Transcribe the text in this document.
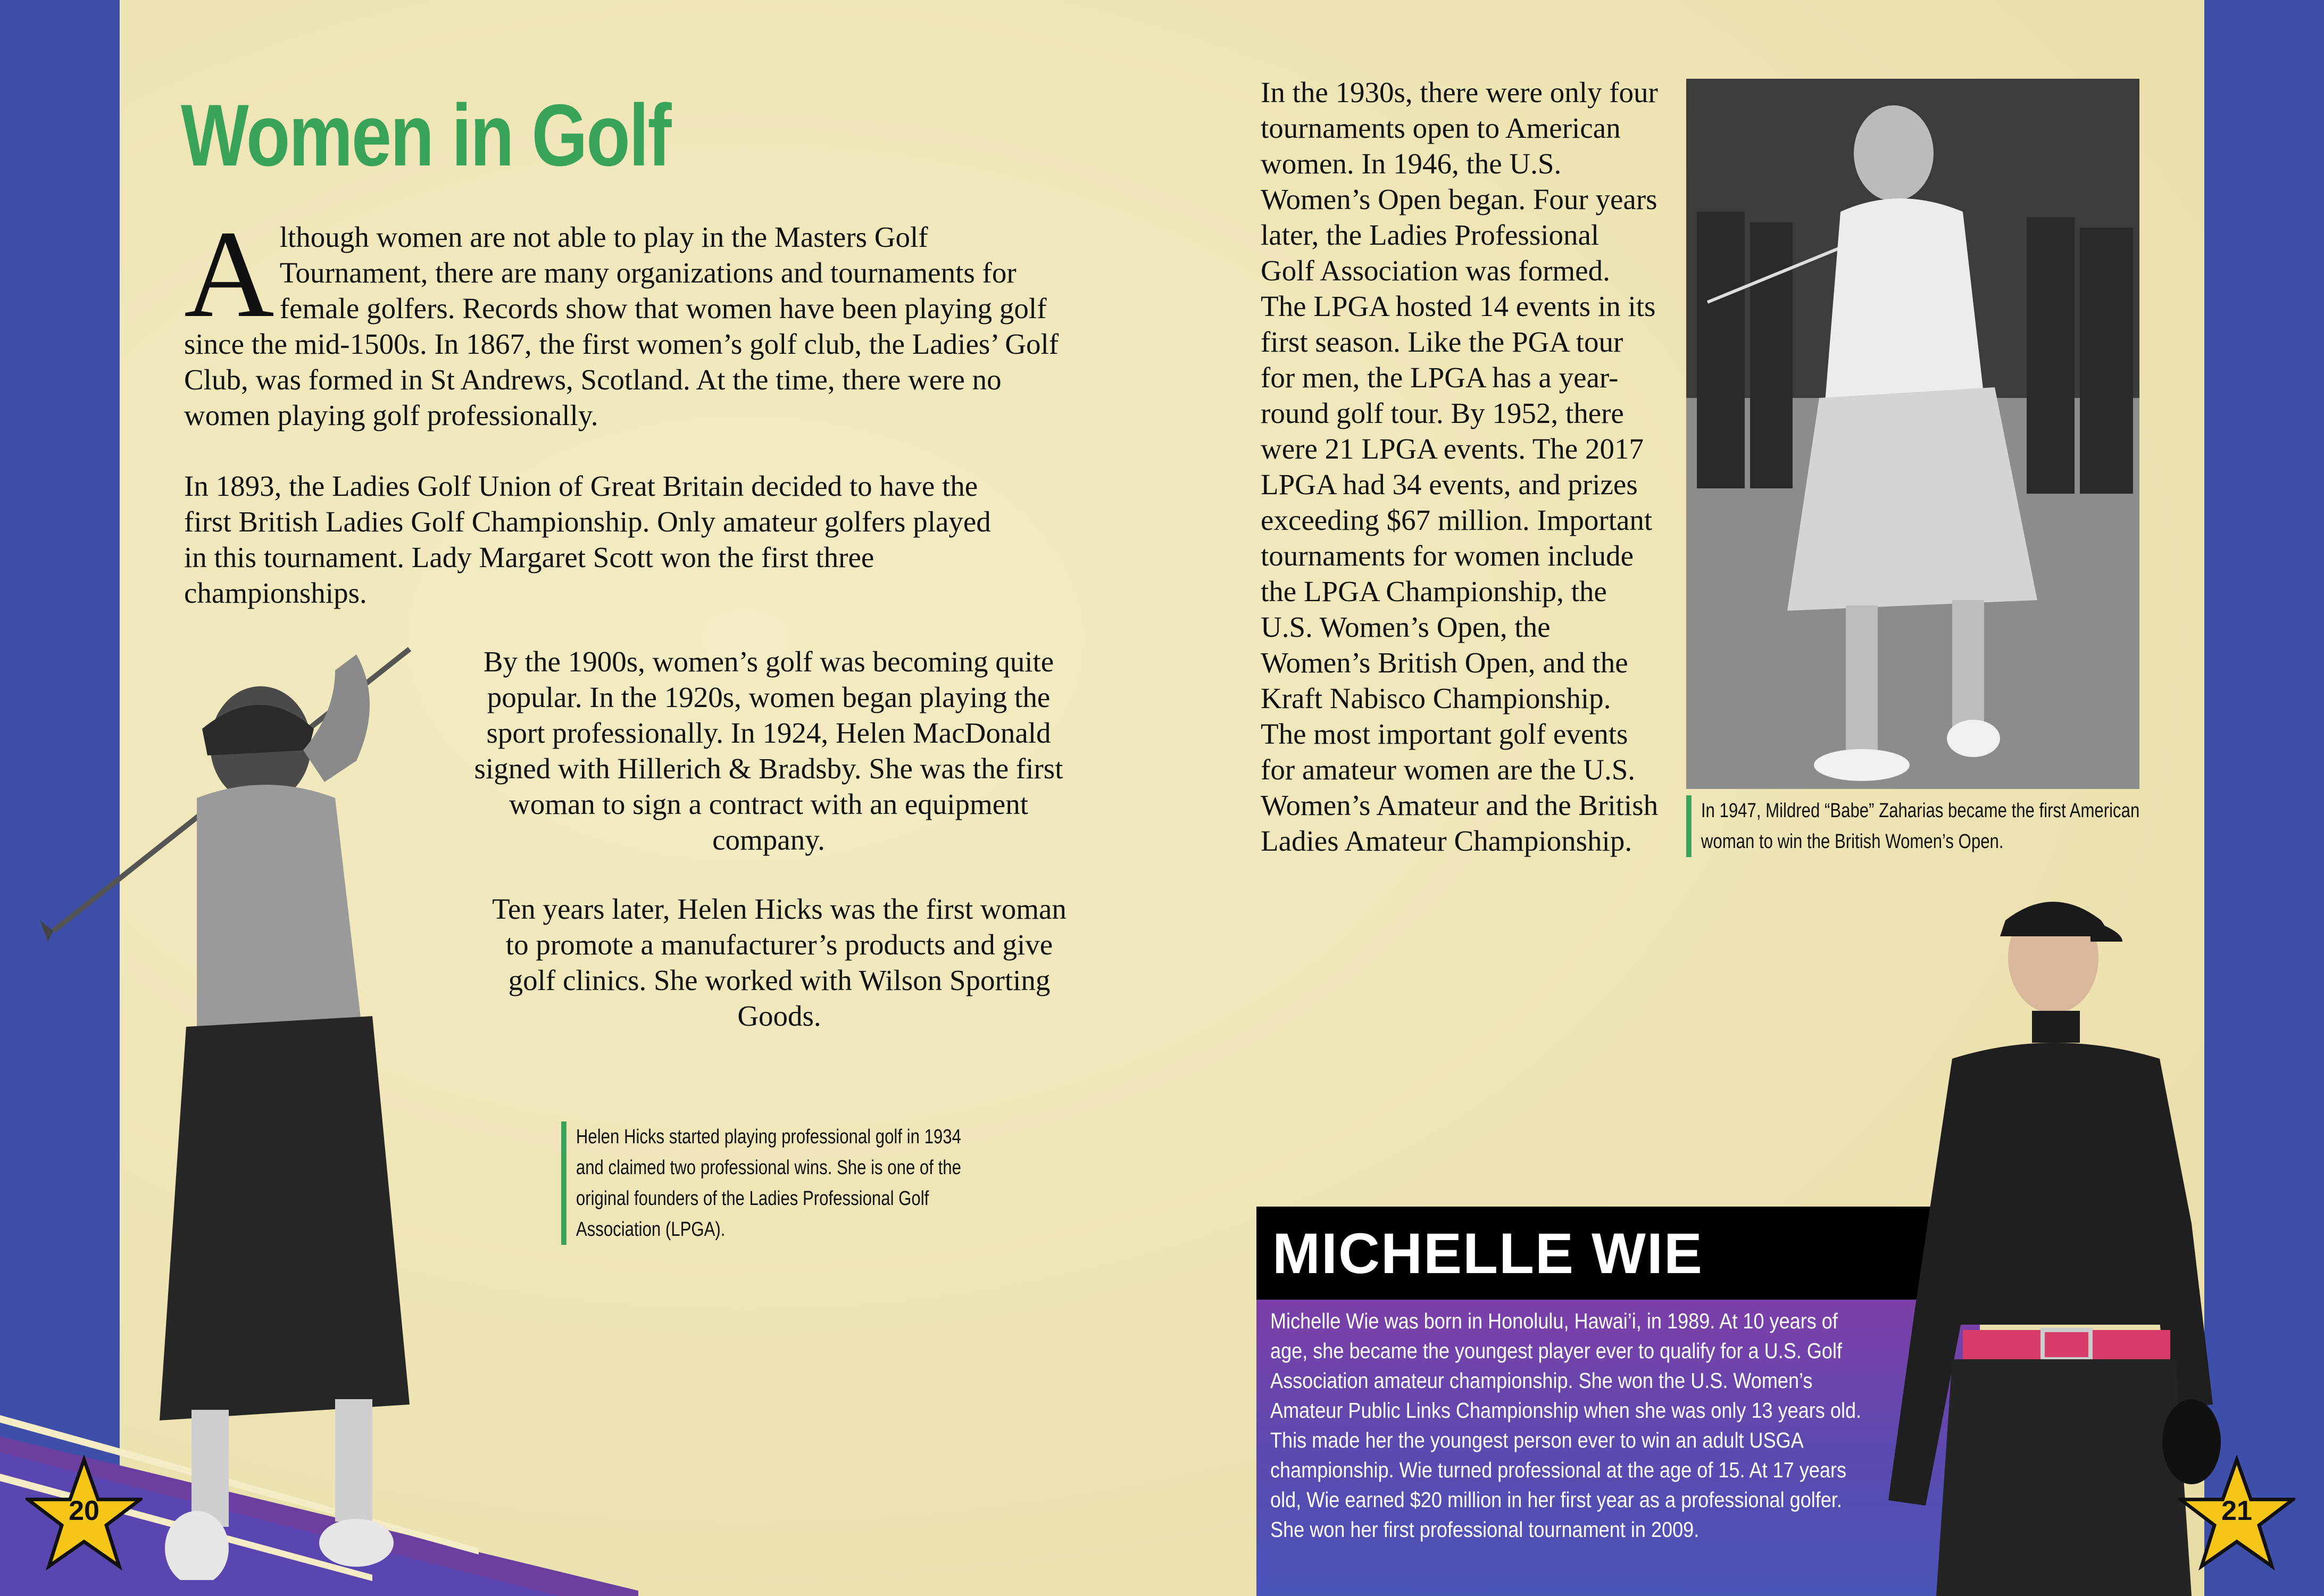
Women in Golf

Although women are not able to play in the Masters Golf Tournament, there are many organizations and tournaments for female golfers. Records show that women have been playing golf since the mid-1500s. In 1867, the first women’s golf club, the Ladies’ Golf Club, was formed in St Andrews, Scotland. At the time, there were no women playing golf professionally.

In 1893, the Ladies Golf Union of Great Britain decided to have the first British Ladies Golf Championship. Only amateur golfers played in this tournament. Lady Margaret Scott won the first three championships.

By the 1900s, women’s golf was becoming quite popular. In the 1920s, women began playing the sport professionally. In 1924, Helen MacDonald signed with Hillerich & Bradsby. She was the first woman to sign a contract with an equipment company.

Ten years later, Helen Hicks was the first woman to promote a manufacturer’s products and give golf clinics. She worked with Wilson Sporting Goods.

Helen Hicks started playing professional golf in 1934 and claimed two professional wins. She is one of the original founders of the Ladies Professional Golf Association (LPGA).

In the 1930s, there were only four tournaments open to American women. In 1946, the U.S. Women’s Open began. Four years later, the Ladies Professional Golf Association was formed. The LPGA hosted 14 events in its first season. Like the PGA tour for men, the LPGA has a year-round golf tour. By 1952, there were 21 LPGA events. The 2017 LPGA had 34 events, and prizes exceeding $67 million. Important tournaments for women include the LPGA Championship, the U.S. Women’s Open, the Women’s British Open, and the Kraft Nabisco Championship. The most important golf events for amateur women are the U.S. Women’s Amateur and the British Ladies Amateur Championship.

In 1947, Mildred “Babe” Zaharias became the first American woman to win the British Women’s Open.
MICHELLE WIE
Michelle Wie was born in Honolulu, Hawai’i, in 1989. At 10 years of age, she became the youngest player ever to qualify for a U.S. Golf Association amateur championship. She won the U.S. Women’s Amateur Public Links Championship when she was only 13 years old. This made her the youngest person ever to win an adult USGA championship. Wie turned professional at the age of 15. At 17 years old, Wie earned $20 million in her first year as a professional golfer. She won her first professional tournament in 2009.
20	21
